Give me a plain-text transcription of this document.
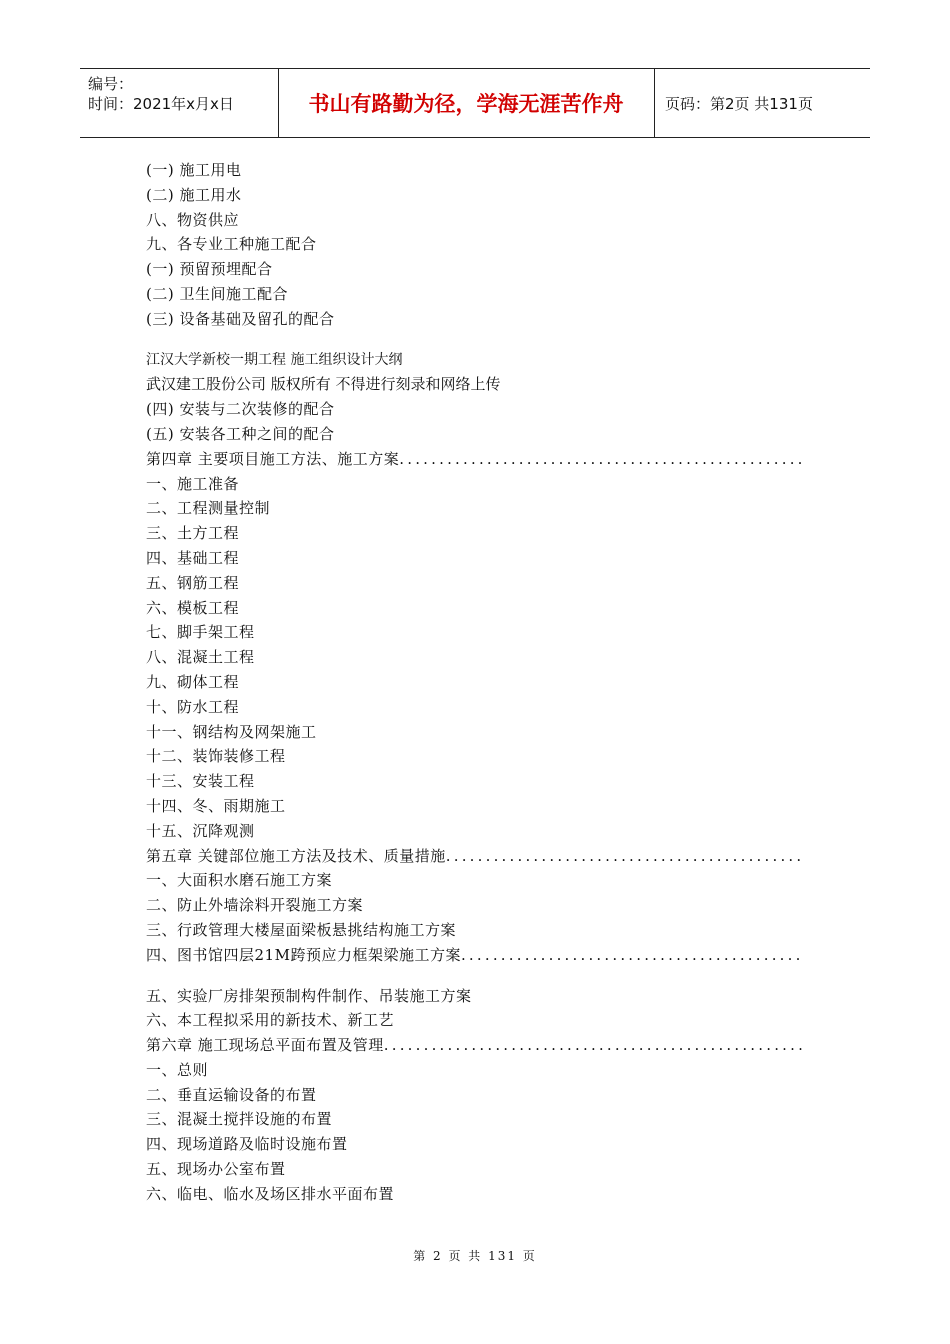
编号：
时间：2021年x月x日	书山有路勤为径，学海无涯苦作舟	页码：第2页 共131页
(一) 施工用电
(二) 施工用水
八、物资供应
九、各专业工种施工配合
(一) 预留预埋配合
(二) 卫生间施工配合
(三) 设备基础及留孔的配合
江汉大学新校一期工程 施工组织设计大纲
武汉建工股份公司 版权所有 不得进行刻录和网络上传
(四) 安装与二次装修的配合
(五) 安装各工种之间的配合
第四章 主要项目施工方法、施工方案...................................................
一、施工准备
二、工程测量控制
三、土方工程
四、基础工程
五、钢筋工程
六、模板工程
七、脚手架工程
八、混凝土工程
九、砌体工程
十、防水工程
十一、钢结构及网架施工
十二、装饰装修工程
十三、安装工程
十四、冬、雨期施工
十五、沉降观测
第五章 关键部位施工方法及技术、质量措施.............................................
一、大面积水磨石施工方案
二、防止外墙涂料开裂施工方案
三、行政管理大楼屋面梁板悬挑结构施工方案
四、图书馆四层21M跨预应力框架梁施工方案...........................................
五、实验厂房排架预制构件制作、吊装施工方案
六、本工程拟采用的新技术、新工艺
第六章 施工现场总平面布置及管理.....................................................
一、总则
二、垂直运输设备的布置
三、混凝土搅拌设施的布置
四、现场道路及临时设施布置
五、现场办公室布置
六、临电、临水及场区排水平面布置
第 2 页 共 131 页
